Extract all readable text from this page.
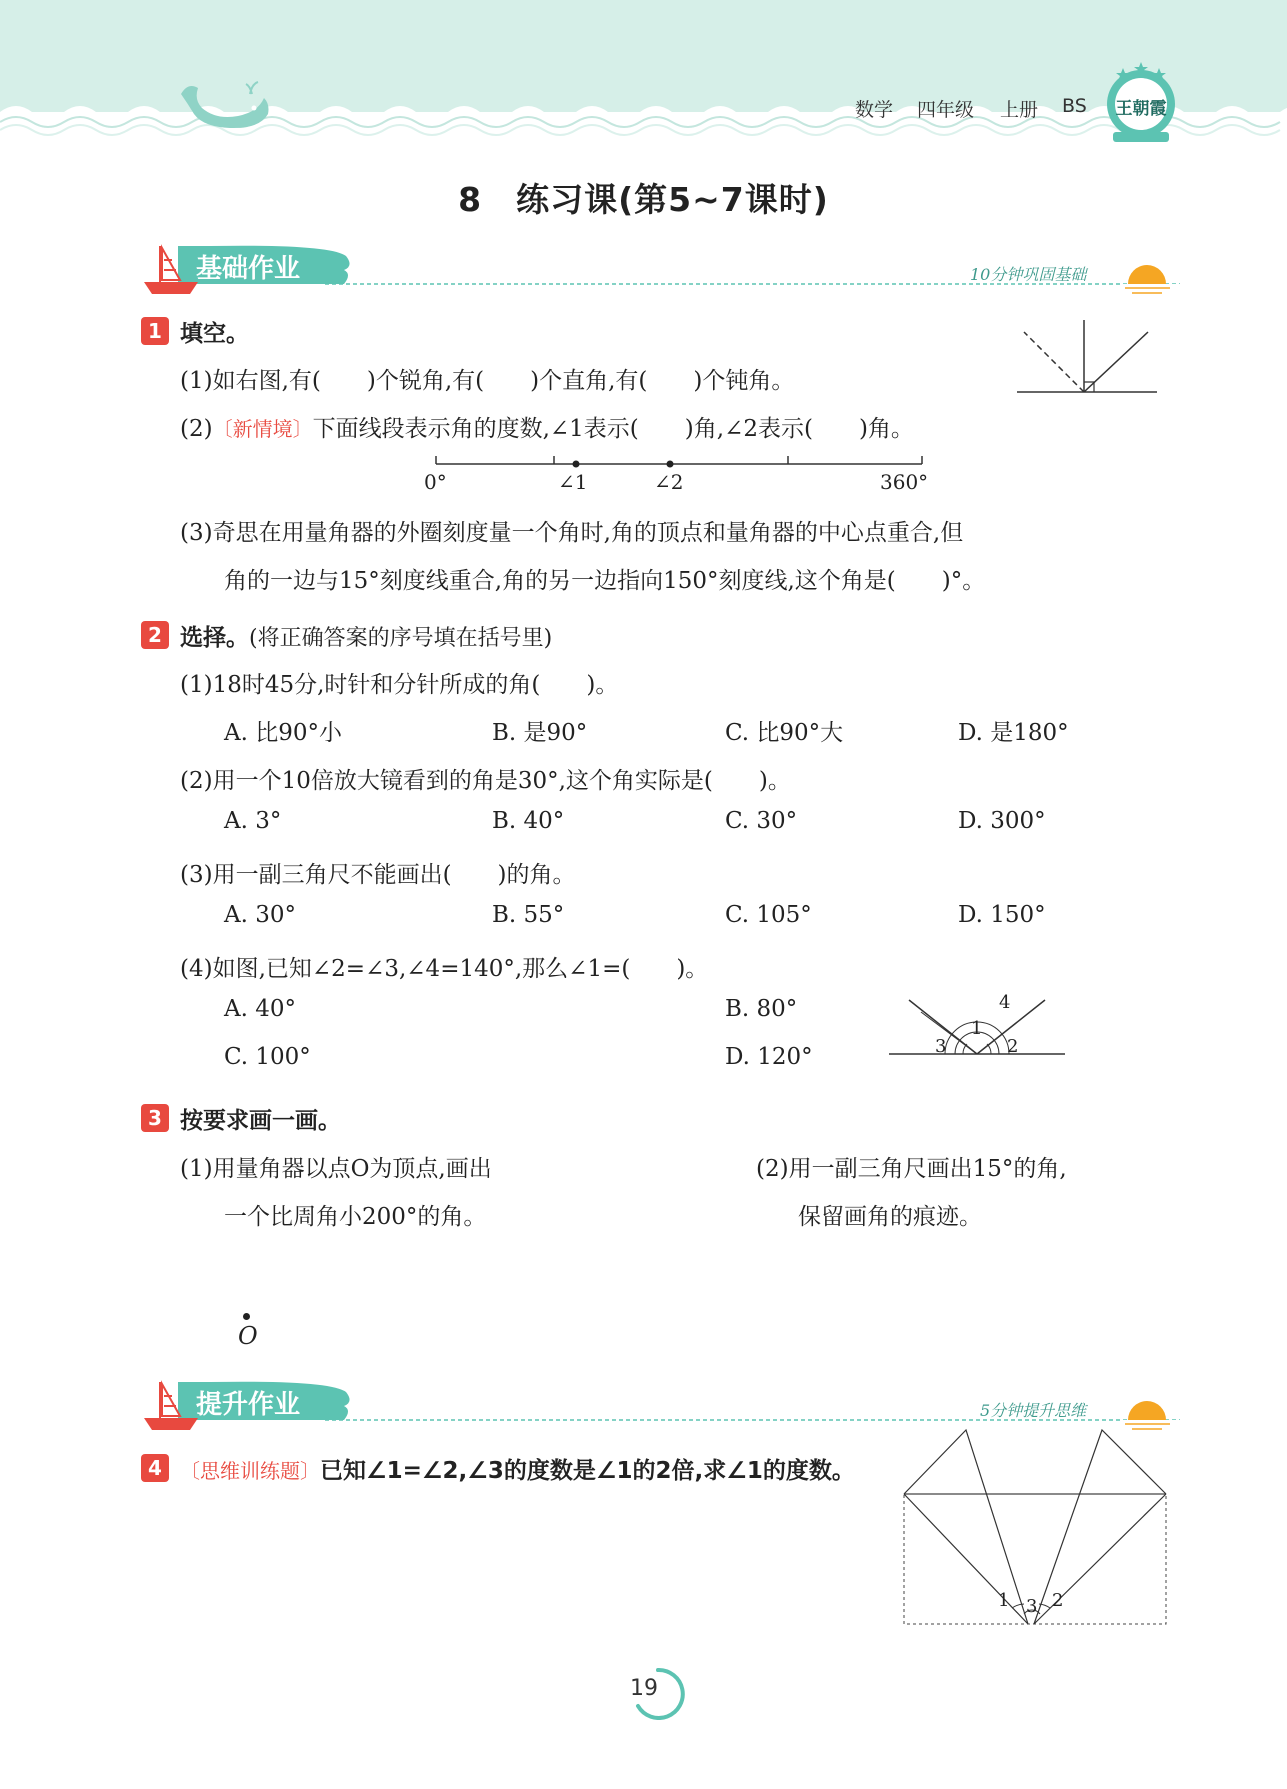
数学 四年级 上册 BS	王朝霞
8　练习课(第5~7课时)
基础作业	10分钟巩固基础
1 填空。
(1)如右图,有(　　)个锐角,有(　　)个直角,有(　　)个钝角。
(2)〔新情境〕下面线段表示角的度数,∠1表示(　　)角,∠2表示(　　)角。
0°	∠1	∠2	360°
(3)奇思在用量角器的外圈刻度量一个角时,角的顶点和量角器的中心点重合,但
角的一边与15°刻度线重合,角的另一边指向150°刻度线,这个角是(　　)°。
2 选择。(将正确答案的序号填在括号里)
(1)18时45分,时针和分针所成的角(　　)。
A. 比90°小	B. 是90°	C. 比90°大	D. 是180°
(2)用一个10倍放大镜看到的角是30°,这个角实际是(　　)。
A. 3°	B. 40°	C. 30°	D. 300°
(3)用一副三角尺不能画出(　　)的角。
A. 30°	B. 55°	C. 105°	D. 150°
(4)如图,已知∠2=∠3,∠4=140°,那么∠1=(　　)。
A. 40°	B. 80°
C. 100°	D. 120°
1
2
3
4
3 按要求画一画。
(1)用量角器以点O为顶点,画出
一个比周角小200°的角。
(2)用一副三角尺画出15°的角,
保留画角的痕迹。
O
提升作业	5分钟提升思维
4 〔思维训练题〕已知∠1=∠2,∠3的度数是∠1的2倍,求∠1的度数。
1 2
3
19
